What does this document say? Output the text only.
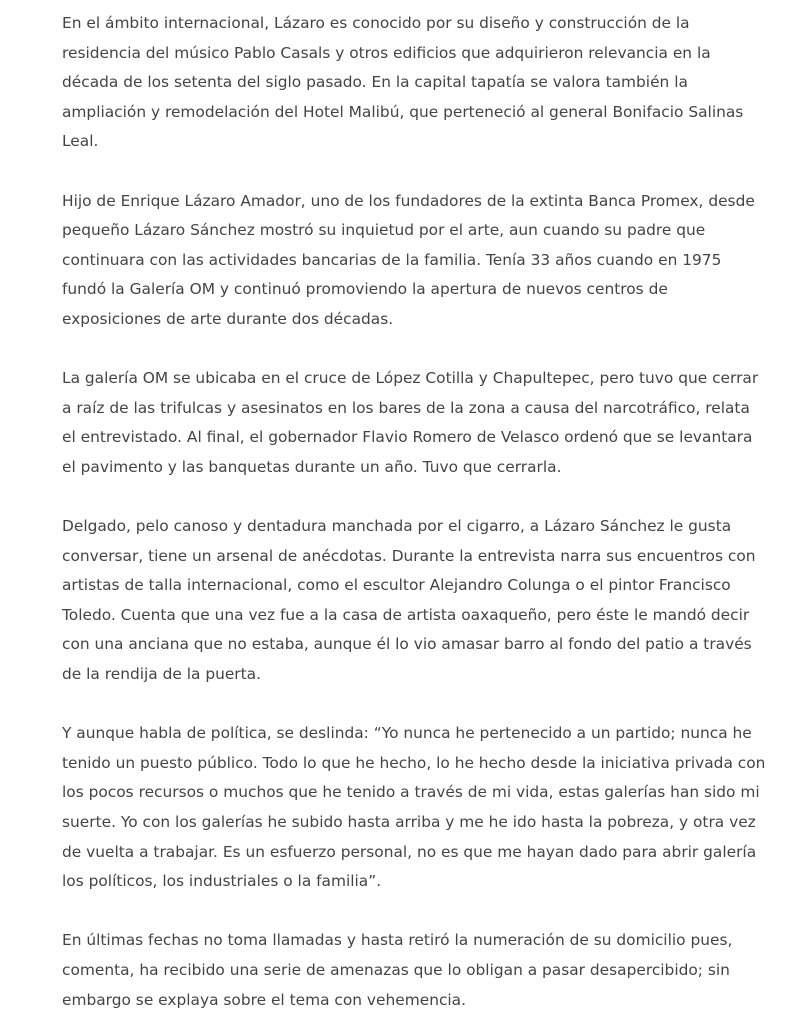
En el ámbito internacional, Lázaro es conocido por su diseño y construcción de la residencia del músico Pablo Casals y otros edificios que adquirieron relevancia en la década de los setenta del siglo pasado. En la capital tapatía se valora también la ampliación y remodelación del Hotel Malibú, que perteneció al general Bonifacio Salinas Leal.

Hijo de Enrique Lázaro Amador, uno de los fundadores de la extinta Banca Promex, desde pequeño Lázaro Sánchez mostró su inquietud por el arte, aun cuando su padre que continuara con las actividades bancarias de la familia. Tenía 33 años cuando en 1975 fundó la Galería OM y continuó promoviendo la apertura de nuevos centros de exposiciones de arte durante dos décadas.

La galería OM se ubicaba en el cruce de López Cotilla y Chapultepec, pero tuvo que cerrar a raíz de las trifulcas y asesinatos en los bares de la zona a causa del narcotráfico, relata el entrevistado. Al final, el gobernador Flavio Romero de Velasco ordenó que se levantara el pavimento y las banquetas durante un año. Tuvo que cerrarla.

Delgado, pelo canoso y dentadura manchada por el cigarro, a Lázaro Sánchez le gusta conversar, tiene un arsenal de anécdotas. Durante la entrevista narra sus encuentros con artistas de talla internacional, como el escultor Alejandro Colunga o el pintor Francisco Toledo. Cuenta que una vez fue a la casa de artista oaxaqueño, pero éste le mandó decir con una anciana que no estaba, aunque él lo vio amasar barro al fondo del patio a través de la rendija de la puerta.

Y aunque habla de política, se deslinda: “Yo nunca he pertenecido a un partido; nunca he tenido un puesto público. Todo lo que he hecho, lo he hecho desde la iniciativa privada con los pocos recursos o muchos que he tenido a través de mi vida, estas galerías han sido mi suerte. Yo con los galerías he subido hasta arriba y me he ido hasta la pobreza, y otra vez de vuelta a trabajar. Es un esfuerzo personal, no es que me hayan dado para abrir galería los políticos, los industriales o la familia”.

En últimas fechas no toma llamadas y hasta retiró la numeración de su domicilio pues, comenta, ha recibido una serie de amenazas que lo obligan a pasar desapercibido; sin embargo se explaya sobre el tema con vehemencia.
